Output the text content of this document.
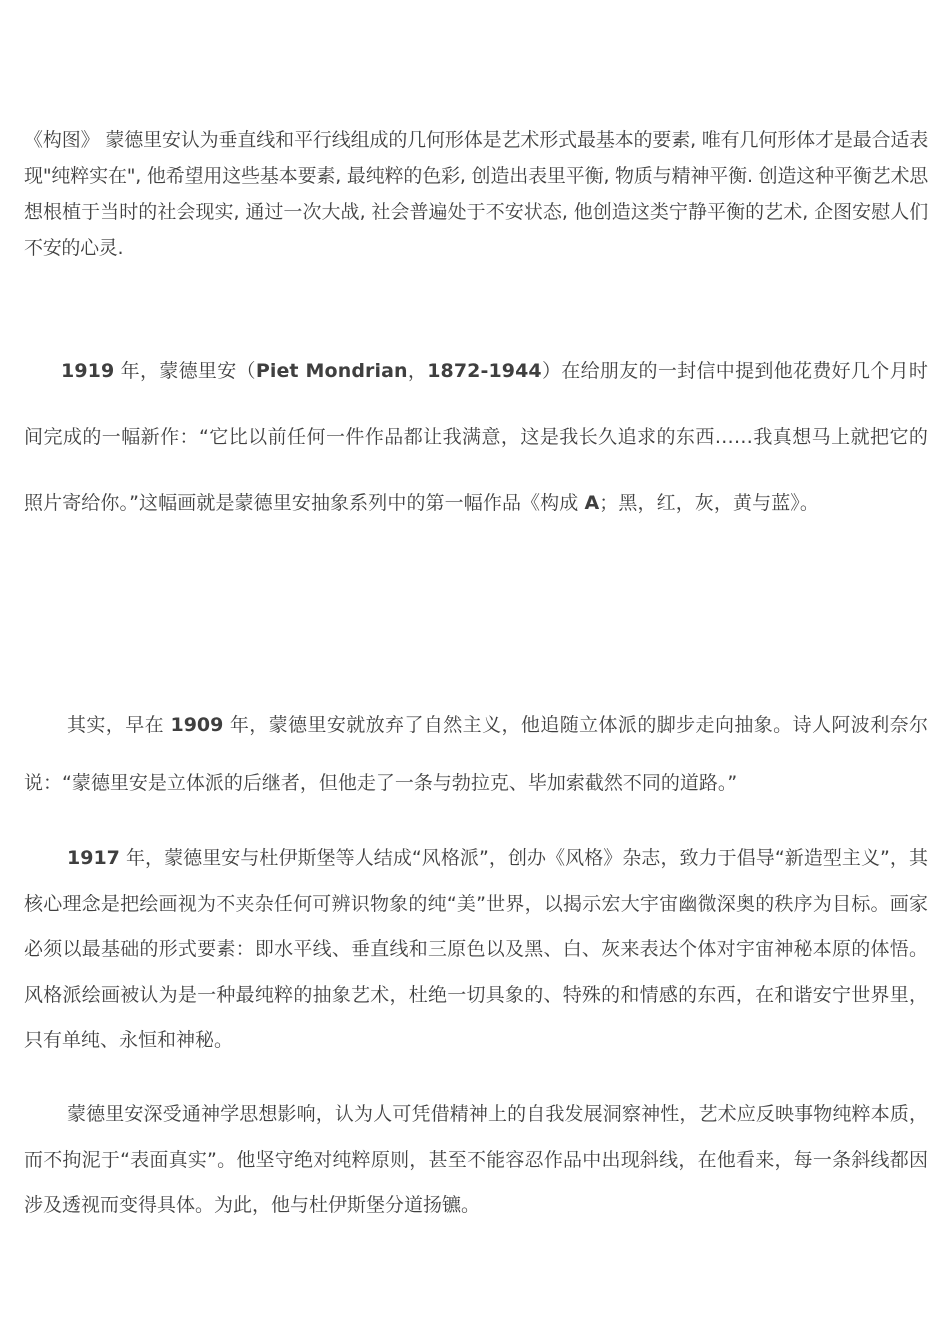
《构图》 蒙德里安认为垂直线和平行线组成的几何形体是艺术形式最基本的要素, 唯有几何形体才是最合适表现"纯粹实在", 他希望用这些基本要素, 最纯粹的色彩, 创造出表里平衡, 物质与精神平衡. 创造这种平衡艺术思想根植于当时的社会现实, 通过一次大战, 社会普遍处于不安状态, 他创造这类宁静平衡的艺术, 企图安慰人们不安的心灵.

1919 年，蒙德里安（Piet Mondrian，1872-1944）在给朋友的一封信中提到他花费好几个月时间完成的一幅新作：“它比以前任何一件作品都让我满意，这是我长久追求的东西……我真想马上就把它的照片寄给你。”这幅画就是蒙德里安抽象系列中的第一幅作品《构成 A；黑，红，灰，黄与蓝》。

其实，早在 1909 年，蒙德里安就放弃了自然主义，他追随立体派的脚步走向抽象。诗人阿波利奈尔说：“蒙德里安是立体派的后继者，但他走了一条与勃拉克、毕加索截然不同的道路。”

1917 年，蒙德里安与杜伊斯堡等人结成“风格派”，创办《风格》杂志，致力于倡导“新造型主义”，其核心理念是把绘画视为不夹杂任何可辨识物象的纯“美”世界，以揭示宏大宇宙幽微深奥的秩序为目标。画家必须以最基础的形式要素：即水平线、垂直线和三原色以及黑、白、灰来表达个体对宇宙神秘本原的体悟。风格派绘画被认为是一种最纯粹的抽象艺术，杜绝一切具象的、特殊的和情感的东西，在和谐安宁世界里，只有单纯、永恒和神秘。

蒙德里安深受通神学思想影响，认为人可凭借精神上的自我发展洞察神性，艺术应反映事物纯粹本质，而不拘泥于“表面真实”。他坚守绝对纯粹原则，甚至不能容忍作品中出现斜线，在他看来，每一条斜线都因涉及透视而变得具体。为此，他与杜伊斯堡分道扬镳。
